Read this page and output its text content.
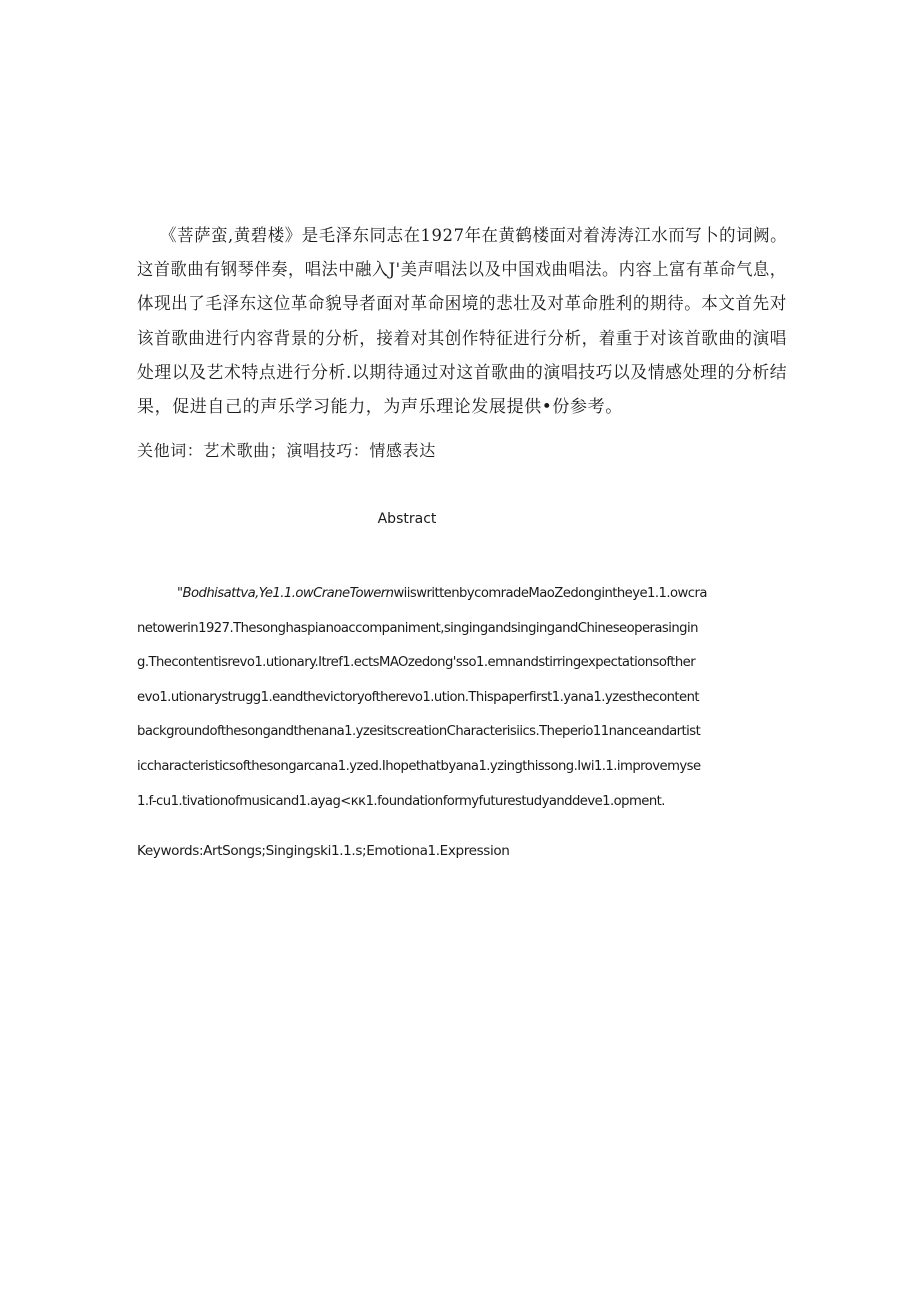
《菩萨蛮,黄碧楼》是毛泽东同志在1927年在黄鹤楼面对着涛涛江水而写卜的词阙。
这首歌曲有钢琴伴奏，唱法中融入J'美声唱法以及中国戏曲唱法。内容上富有革命气息，
体现出了毛泽东这位革命貌导者面对革命困境的悲壮及对革命胜利的期待。本文首先对
该首歌曲进行内容背景的分析，接着对其创作特征进行分析，着重于对该首歌曲的演唱
处理以及艺术特点进行分析.以期待通过对这首歌曲的演唱技巧以及情感处理的分析结
果，促进自己的声乐学习能力，为声乐理论发展提供•份参考。
关他词：艺术歌曲；演唱技巧：情感表达
Abstract
"Bodhisattva,Ye1.1.owCraneTowernwiiswrittenbycomradeMaoZedongintheye1.1.owcra
netowerin1927.Thesonghaspianoaccompaniment,singingandsingingandChineseoperasingin
g.Thecontentisrevo1.utionary.Itref1.ectsMAOzedong'sso1.emnandstirringexpectationsofther
evo1.utionarystrugg1.eandthevictoryoftherevo1.ution.Thispaperfirst1.yana1.yzesthecontent
backgroundofthesongandthenana1.yzesitscreationCharacterisiics.Theperio11nanceandartist
iccharacteristicsofthesongarcana1.yzed.Ihopethatbyana1.yzingthissong.Iwi1.1.improvemyse
1.f-cu1.tivationofmusicand1.ayag<кк1.foundationformyfuturestudyanddeve1.opment.
Keywords:ArtSongs;Singingski1.1.s;Emotiona1.Expression
